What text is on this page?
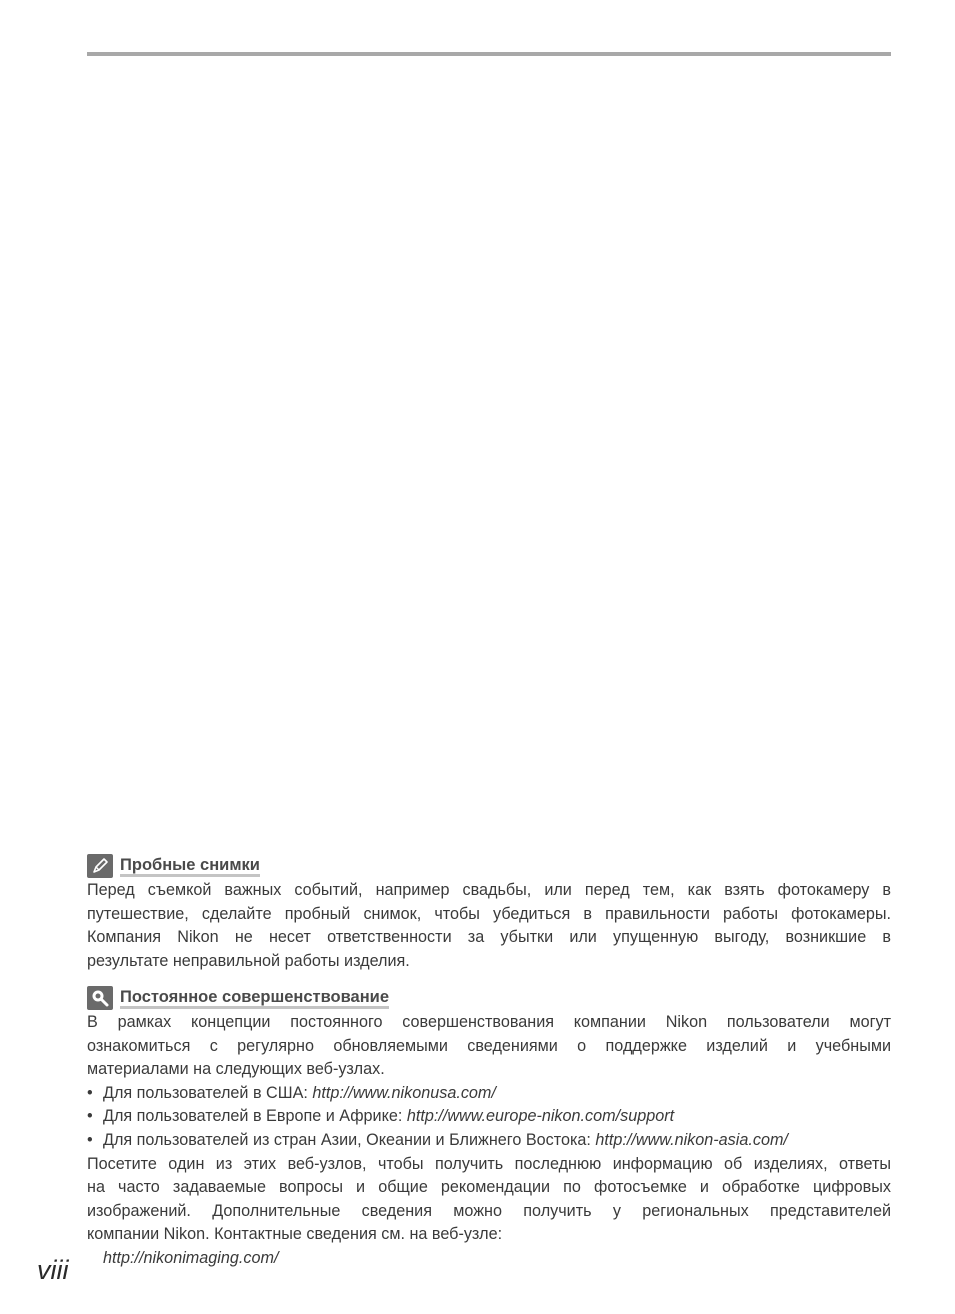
Пробные снимки

Перед съемкой важных событий, например свадьбы, или перед тем, как взять фотокамеру в

путешествие, сделайте пробный снимок, чтобы убедиться в правильности работы фотокамеры.

Компания Nikon не несет ответственности за убытки или упущенную выгоду, возникшие в

результате неправильной работы изделия.

Постоянное совершенствование

В рамках концепции постоянного совершенствования компании Nikon пользователи могут

ознакомиться с регулярно обновляемыми сведениями о поддержке изделий и учебными

материалами на следующих веб-узлах.

• Для пользователей в США: http://www.nikonusa.com/
• Для пользователей в Европе и Африке: http://www.europe-nikon.com/support
• Для пользователей из стран Азии, Океании и Ближнего Востока: http://www.nikon-asia.com/

Посетите один из этих веб-узлов, чтобы получить последнюю информацию об изделиях, ответы

на часто задаваемые вопросы и общие рекомендации по фотосъемке и обработке цифровых

изображений. Дополнительные сведения можно получить у региональных представителей

компании Nikon. Контактные сведения см. на веб-узле:

http://nikonimaging.com/
viii
